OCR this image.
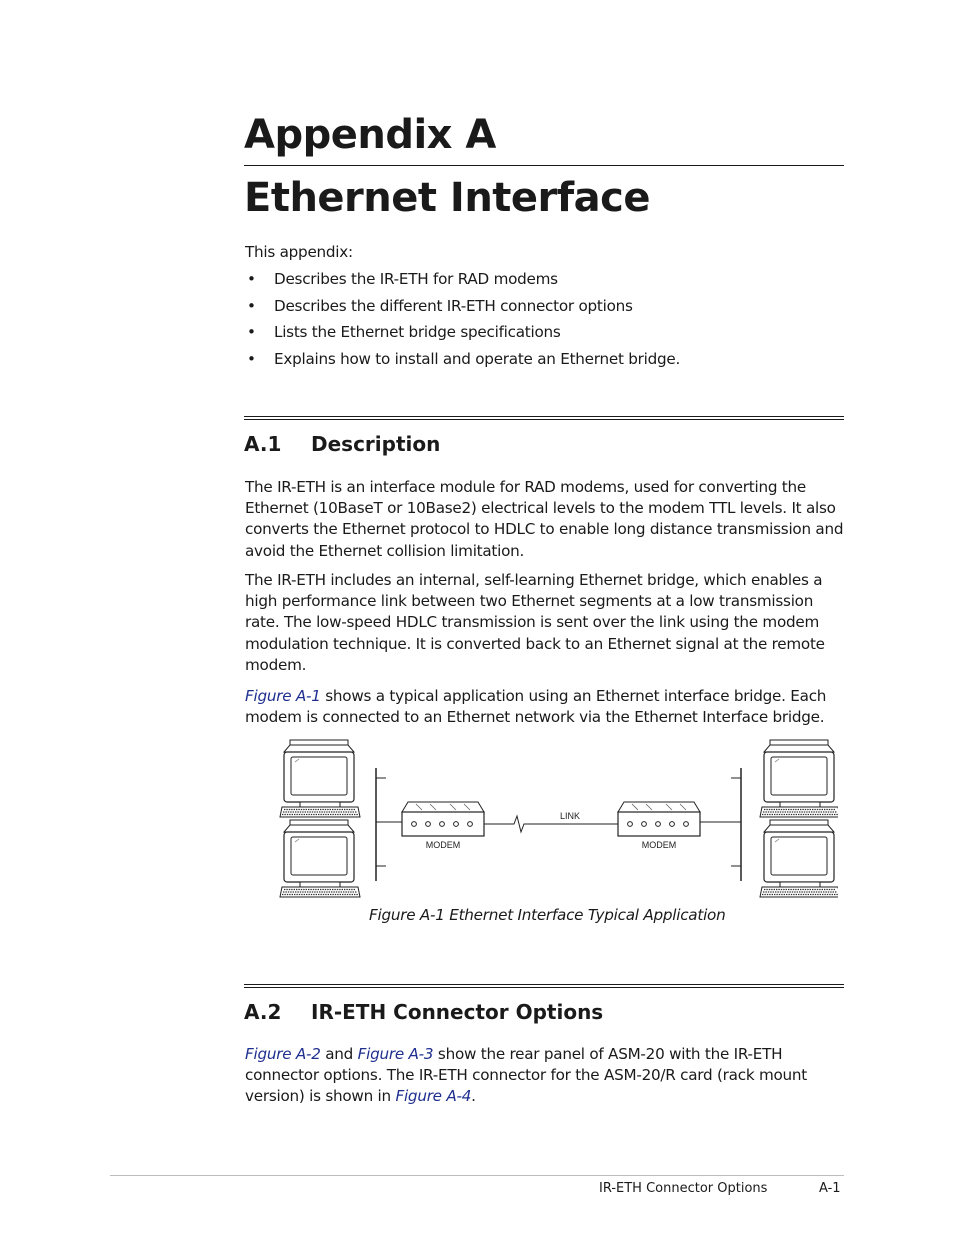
Appendix A
Ethernet Interface
This appendix:
• Describes the IR-ETH for RAD modems
• Describes the different IR-ETH connector options
• Lists the Ethernet bridge specifications
• Explains how to install and operate an Ethernet bridge.
A.1 Description
The IR-ETH is an interface module for RAD modems, used for converting the Ethernet (10BaseT or 10Base2) electrical levels to the modem TTL levels. It also converts the Ethernet protocol to HDLC to enable long distance transmission and avoid the Ethernet collision limitation.
The IR-ETH includes an internal, self-learning Ethernet bridge, which enables a high performance link between two Ethernet segments at a low transmission rate. The low-speed HDLC transmission is sent over the link using the modem modulation technique. It is converted back to an Ethernet signal at the remote modem.
Figure A-1 shows a typical application using an Ethernet interface bridge. Each modem is connected to an Ethernet network via the Ethernet Interface bridge.
LINK
MODEM	MODEM
Figure A-1 Ethernet Interface Typical Application
A.2 IR-ETH Connector Options
Figure A-2 and Figure A-3 show the rear panel of ASM-20 with the IR-ETH connector options. The IR-ETH connector for the ASM-20/R card (rack mount version) is shown in Figure A-4.
IR-ETH Connector Options	A-1
